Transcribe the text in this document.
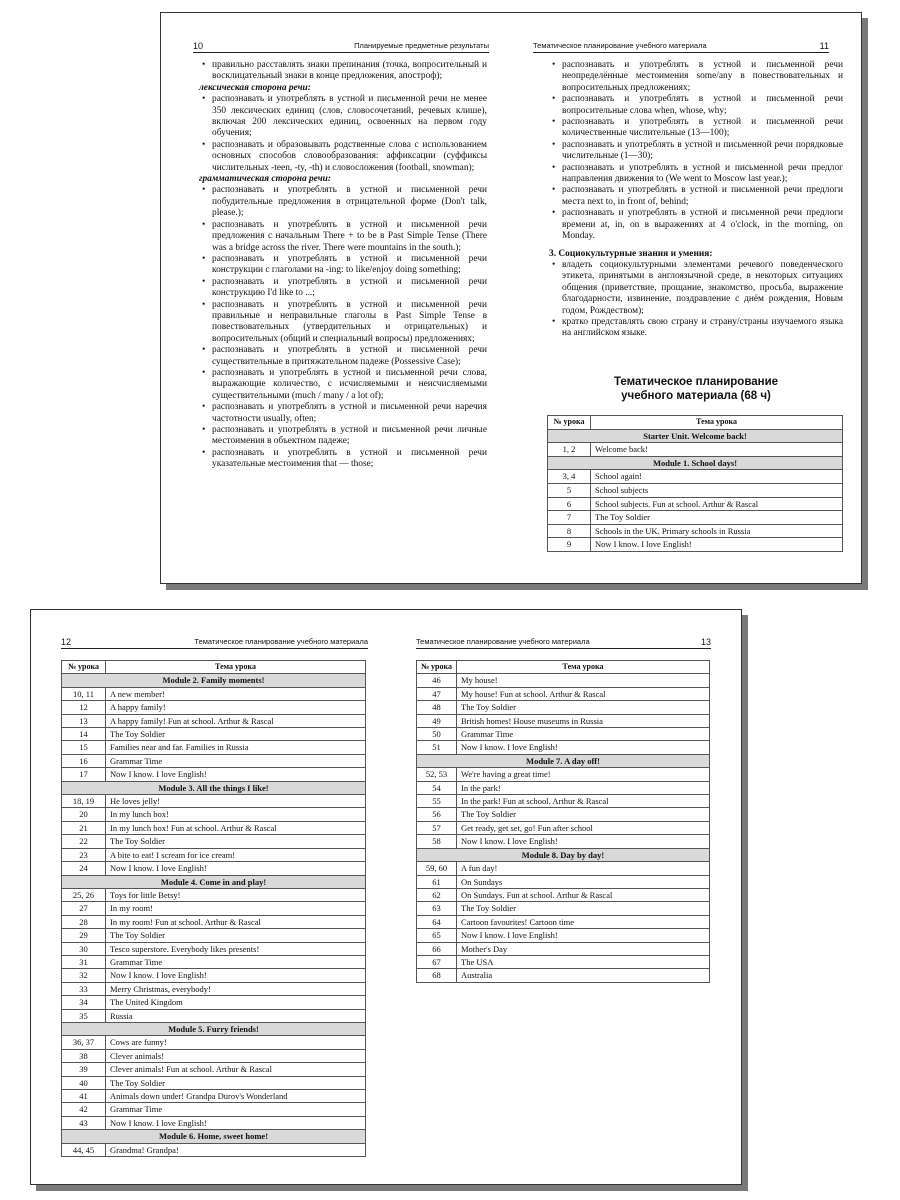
10	Планируемые предметные результаты

• правильно расставлять знаки препинания (точка, вопросительный и восклицательный знаки в конце предложения, апостроф);

лексическая сторона речи:

• распознавать и употреблять в устной и письменной речи не менее 350 лексических единиц (слов, словосочетаний, речевых клише), включая 200 лексических единиц, освоенных на первом году обучения;

• распознавать и образовывать родственные слова с использованием основных способов словообразования: аффиксации (суффиксы числительных -teen, -ty, -th) и словосложения (football, snowman);

грамматическая сторона речи:

• распознавать и употреблять в устной и письменной речи побудительные предложения в отрицательной форме (Don't talk, please.);

• распознавать и употреблять в устной и письменной речи предложения с начальным There + to be в Past Simple Tense (There was a bridge across the river. There were mountains in the south.);

• распознавать и употреблять в устной и письменной речи конструкции с глаголами на -ing: to like/enjoy doing something;

• распознавать и употреблять в устной и письменной речи конструкцию I'd like to ...;

• распознавать и употреблять в устной и письменной речи правильные и неправильные глаголы в Past Simple Tense в повествовательных (утвердительных и отрицательных) и вопросительных (общий и специальный вопросы) предложениях;

• распознавать и употреблять в устной и письменной речи существительные в притяжательном падеже (Possessive Case);

• распознавать и употреблять в устной и письменной речи слова, выражающие количество, с исчисляемыми и неисчисляемыми существительными (much / many / a lot of);

• распознавать и употреблять в устной и письменной речи наречия частотности usually, often;

• распознавать и употреблять в устной и письменной речи личные местоимения в объектном падеже;

• распознавать и употреблять в устной и письменной речи указательные местоимения that — those;

Тематическое планирование учебного материала	11

• распознавать и употреблять в устной и письменной речи неопределённые местоимения some/any в повествовательных и вопросительных предложениях;

• распознавать и употреблять в устной и письменной речи вопросительные слова when, whose, why;

• распознавать и употреблять в устной и письменной речи количественные числительные (13—100);

• распознавать и употреблять в устной и письменной речи порядковые числительные (1—30);

• распознавать и употреблять в устной и письменной речи предлог направления движения to (We went to Moscow last year.);

• распознавать и употреблять в устной и письменной речи предлоги места next to, in front of, behind;

• распознавать и употреблять в устной и письменной речи предлоги времени at, in, on в выражениях at 4 o'clock, in the morning, on Monday.

3. Социокультурные знания и умения:

• владеть социокультурными элементами речевого поведенческого этикета, принятыми в англоязычной среде, в некоторых ситуациях общения (приветствие, прощание, знакомство, просьба, выражение благодарности, извинение, поздравление с днём рождения, Новым годом, Рождеством);

• кратко представлять свою страну и страну/страны изучаемого языка на английском языке.

Тематическое планирование
учебного материала (68 ч)
№ урока	Тема урока
Starter Unit. Welcome back!	
1, 2	Welcome back!
Module 1. School days!	
3, 4	School again!
5	School subjects
6	School subjects. Fun at school. Arthur & Rascal
7	The Toy Soldier
8	Schools in the UK. Primary schools in Russia
9	Now I know. I love English!
12	Тематическое планирование учебного материала
№ урока	Тема урока
Module 2. Family moments!	
10, 11	A new member!
12	A happy family!
13	A happy family! Fun at school. Arthur & Rascal
14	The Toy Soldier
15	Families near and far. Families in Russia
16	Grammar Time
17	Now I know. I love English!
Module 3. All the things I like!	
18, 19	He loves jelly!
20	In my lunch box!
21	In my lunch box! Fun at school. Arthur & Rascal
22	The Toy Soldier
23	A bite to eat! I scream for ice cream!
24	Now I know. I love English!
Module 4. Come in and play!	
25, 26	Toys for little Betsy!
27	In my room!
28	In my room! Fun at school. Arthur & Rascal
29	The Toy Soldier
30	Tesco superstore. Everybody likes presents!
31	Grammar Time
32	Now I know. I love English!
33	Merry Christmas, everybody!
34	The United Kingdom
35	Russia
Module 5. Furry friends!	
36, 37	Cows are funny!
38	Clever animals!
39	Clever animals! Fun at school. Arthur & Rascal
40	The Toy Soldier
41	Animals down under! Grandpa Durov's Wonderland
42	Grammar Time
43	Now I know. I love English!
Module 6. Home, sweet home!	
44, 45	Grandma! Grandpa!
Тематическое планирование учебного материала	13
№ урока	Тема урока
46	My house!
47	My house! Fun at school. Arthur & Rascal
48	The Toy Soldier
49	British homes! House museums in Russia
50	Grammar Time
51	Now I know. I love English!
Module 7. A day off!	
52, 53	We're having a great time!
54	In the park!
55	In the park! Fun at school. Arthur & Rascal
56	The Toy Soldier
57	Get ready, get set, go! Fun after school
58	Now I know. I love English!
Module 8. Day by day!	
59, 60	A fun day!
61	On Sundays
62	On Sundays. Fun at school. Arthur & Rascal
63	The Toy Soldier
64	Cartoon favourites! Cartoon time
65	Now I know. I love English!
66	Mother's Day
67	The USA
68	Australia
